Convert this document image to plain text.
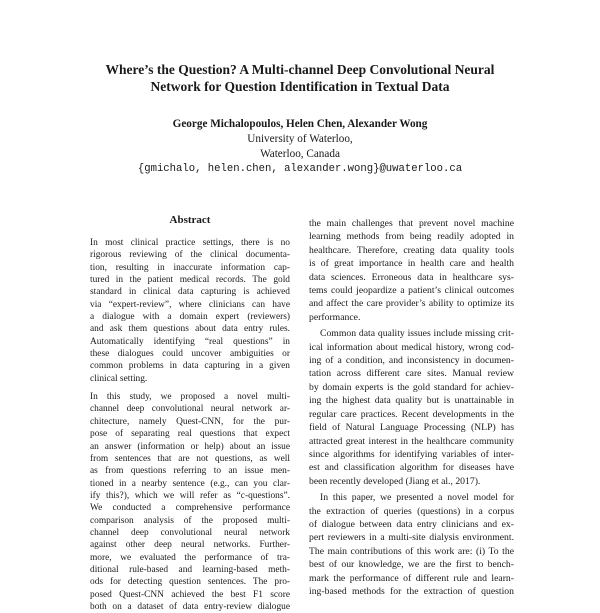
Where’s the Question? A Multi-channel Deep Convolutional Neural
Network for Question Identification in Textual Data
George Michalopoulos, Helen Chen, Alexander Wong
University of Waterloo,
Waterloo, Canada
{gmichalo, helen.chen, alexander.wong}@uwaterloo.ca
Abstract
In most clinical practice settings, there is no
rigorous reviewing of the clinical documenta-
tion, resulting in inaccurate information cap-
tured in the patient medical records. The gold
standard in clinical data capturing is achieved
via “expert-review”, where clinicians can have
a dialogue with a domain expert (reviewers)
and ask them questions about data entry rules.
Automatically identifying “real questions” in
these dialogues could uncover ambiguities or
common problems in data capturing in a given
clinical setting.
In this study, we proposed a novel multi-
channel deep convolutional neural network ar-
chitecture, namely Quest-CNN, for the pur-
pose of separating real questions that expect
an answer (information or help) about an issue
from sentences that are not questions, as well
as from questions referring to an issue men-
tioned in a nearby sentence (e.g., can you clar-
ify this?), which we will refer as “c-questions”.
We conducted a comprehensive performance
comparison analysis of the proposed multi-
channel deep convolutional neural network
against other deep neural networks. Further-
more, we evaluated the performance of tra-
ditional rule-based and learning-based meth-
ods for detecting question sentences. The pro-
posed Quest-CNN achieved the best F1 score
both on a dataset of data entry-review dialogue
the main challenges that prevent novel machine
learning methods from being readily adopted in
healthcare. Therefore, creating data quality tools
is of great importance in health care and health
data sciences. Erroneous data in healthcare sys-
tems could jeopardize a patient’s clinical outcomes
and affect the care provider’s ability to optimize its
performance.
Common data quality issues include missing crit-
ical information about medical history, wrong cod-
ing of a condition, and inconsistency in documen-
tation across different care sites. Manual review
by domain experts is the gold standard for achiev-
ing the highest data quality but is unattainable in
regular care practices. Recent developments in the
field of Natural Language Processing (NLP) has
attracted great interest in the healthcare community
since algorithms for identifying variables of inter-
est and classification algorithm for diseases have
been recently developed (Jiang et al., 2017).
In this paper, we presented a novel model for
the extraction of queries (questions) in a corpus
of dialogue between data entry clinicians and ex-
pert reviewers in a multi-site dialysis environment.
The main contributions of this work are: (i) To the
best of our knowledge, we are the first to bench-
mark the performance of different rule and learn-
ing-based methods for the extraction of question
